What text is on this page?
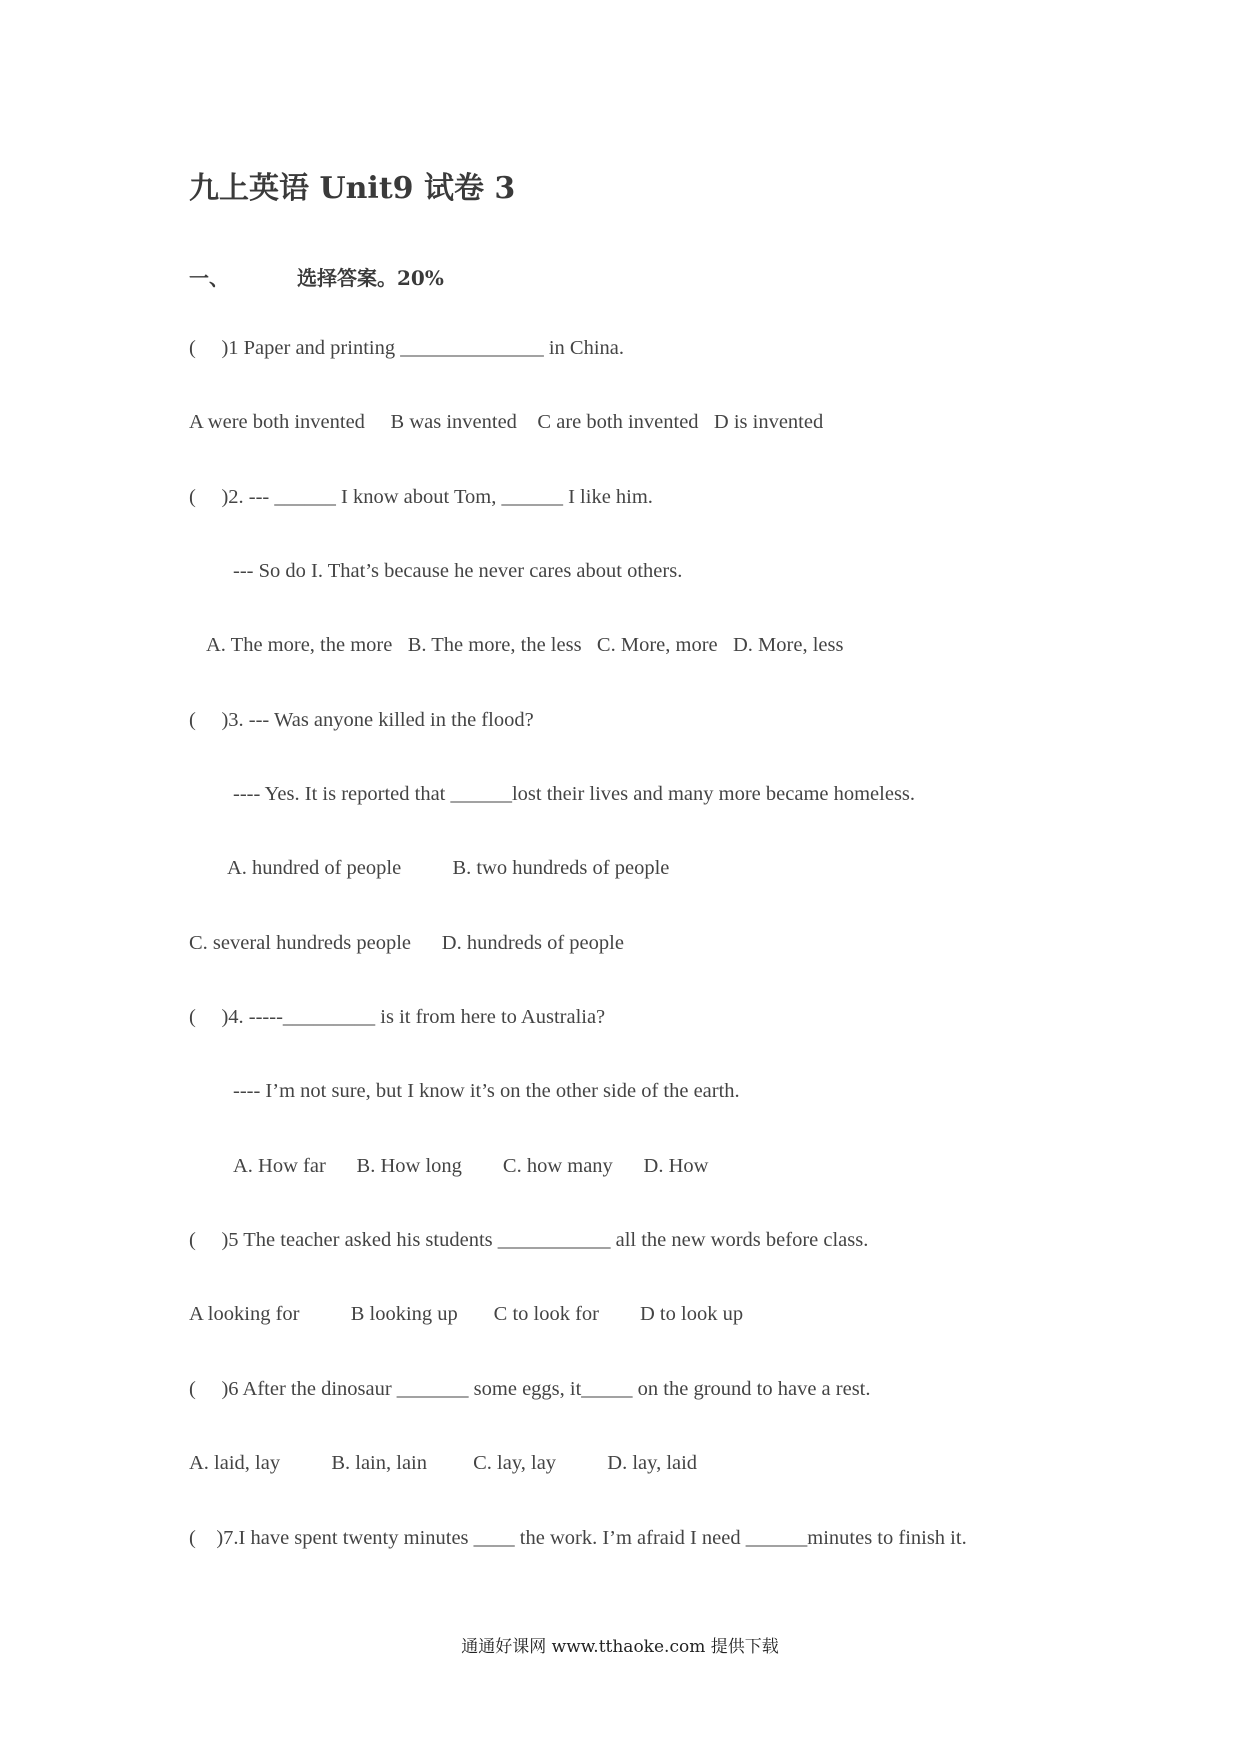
九上英语 Unit9 试卷 3
一、	选择答案。20%
(     )1 Paper and printing ______________ in China.
A were both invented     B was invented    C are both invented   D is invented
(     )2. --- ______ I know about Tom, ______ I like him.
--- So do I. That’s because he never cares about others.
A. The more, the more   B. The more, the less   C. More, more   D. More, less
(     )3. --- Was anyone killed in the flood?
---- Yes. It is reported that ______lost their lives and many more became homeless.
A. hundred of people          B. two hundreds of people
C. several hundreds people      D. hundreds of people
(     )4. -----_________ is it from here to Australia?
---- I’m not sure, but I know it’s on the other side of the earth.
A. How far      B. How long        C. how many      D. How
(     )5 The teacher asked his students ___________ all the new words before class.
A looking for          B looking up       C to look for        D to look up
(     )6 After the dinosaur _______ some eggs, it_____ on the ground to have a rest.
A. laid, lay          B. lain, lain         C. lay, lay          D. lay, laid
(    )7.I have spent twenty minutes ____ the work. I’m afraid I need ______minutes to finish it.
通通好课网 www.tthaoke.com 提供下载
